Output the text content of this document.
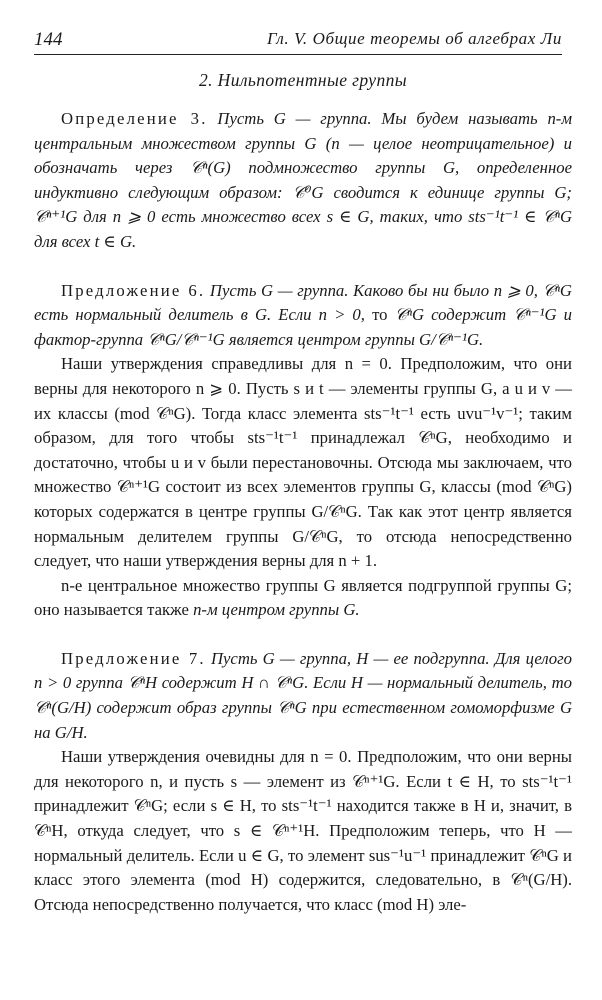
144	Гл. V. Общие теоремы об алгебрах Ли
2. Нильпотентные группы

Определение 3. Пусть G — группа. Мы будем называть n-м центральным множеством группы G (n — целое неотрицательное) и обозначать через 𝒞ⁿ(G) подмножество группы G, определенное индуктивно следующим образом: 𝒞⁰G сводится к единице группы G; 𝒞ⁿ⁺¹G для n ⩾ 0 есть множество всех s ∈ G, таких, что sts⁻¹t⁻¹ ∈ 𝒞ⁿG для всех t ∈ G.

Предложение 6. Пусть G — группа. Каково бы ни было n ⩾ 0, 𝒞ⁿG есть нормальный делитель в G. Если n > 0, то 𝒞ⁿG содержит 𝒞ⁿ⁻¹G и фактор-группа 𝒞ⁿG/𝒞ⁿ⁻¹G является центром группы G/𝒞ⁿ⁻¹G.

Наши утверждения справедливы для n = 0. Предположим, что они верны для некоторого n ⩾ 0. Пусть s и t — элементы группы G, а u и v — их классы (mod 𝒞ⁿG). Тогда класс элемента sts⁻¹t⁻¹ есть uvu⁻¹v⁻¹; таким образом, для того чтобы sts⁻¹t⁻¹ принадлежал 𝒞ⁿG, необходимо и достаточно, чтобы u и v были перестановочны. Отсюда мы заключаем, что множество 𝒞ⁿ⁺¹G состоит из всех элементов группы G, классы (mod 𝒞ⁿG) которых содержатся в центре группы G/𝒞ⁿG. Так как этот центр является нормальным делителем группы G/𝒞ⁿG, то отсюда непосредственно следует, что наши утверждения верны для n + 1.

n-е центральное множество группы G является подгруппой группы G; оно называется также n-м центром группы G.

Предложение 7. Пусть G — группа, H — ее подгруппа. Для целого n > 0 группа 𝒞ⁿH содержит H ∩ 𝒞ⁿG. Если H — нормальный делитель, то 𝒞ⁿ(G/H) содержит образ группы 𝒞ⁿG при естественном гомоморфизме G на G/H.

Наши утверждения очевидны для n = 0. Предположим, что они верны для некоторого n, и пусть s — элемент из 𝒞ⁿ⁺¹G. Если t ∈ H, то sts⁻¹t⁻¹ принадлежит 𝒞ⁿG; если s ∈ H, то sts⁻¹t⁻¹ находится также в H и, значит, в 𝒞ⁿH, откуда следует, что s ∈ 𝒞ⁿ⁺¹H. Предположим теперь, что H — нормальный делитель. Если u ∈ G, то элемент sus⁻¹u⁻¹ принадлежит 𝒞ⁿG и класс этого элемента (mod H) содержится, следовательно, в 𝒞ⁿ(G/H). Отсюда непосредственно получается, что класс (mod H) эле-
